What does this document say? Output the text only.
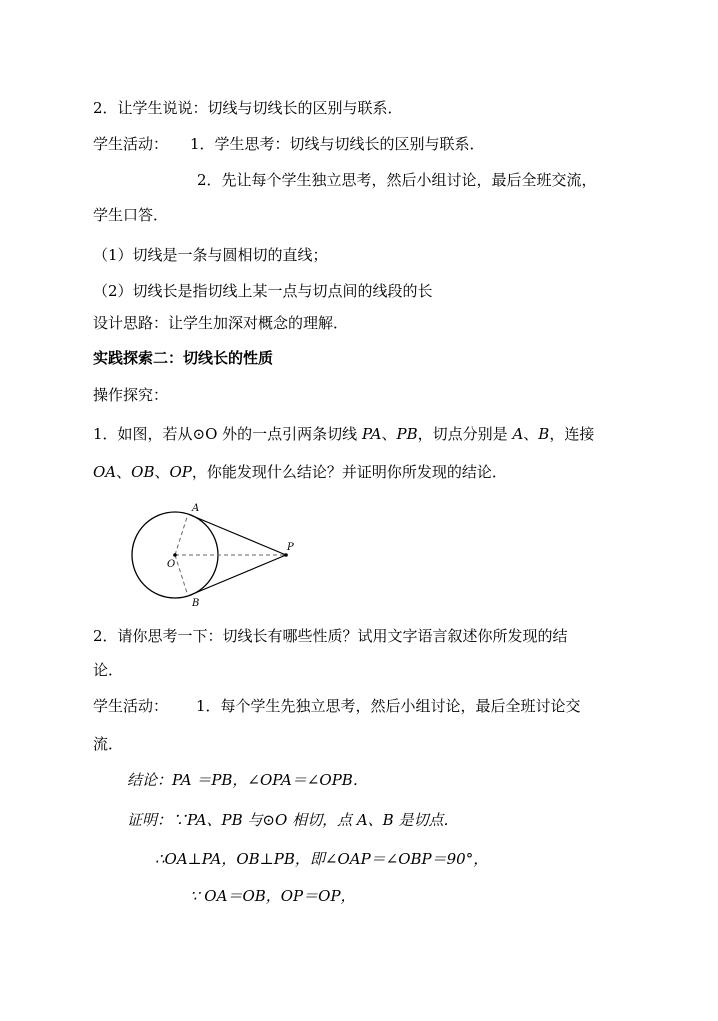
2．让学生说说：切线与切线长的区别与联系．
学生活动： 1．学生思考：切线与切线长的区别与联系．
2．先让每个学生独立思考，然后小组讨论，最后全班交流，
学生口答．
（1）切线是一条与圆相切的直线；
（2）切线长是指切线上某一点与切点间的线段的长
设计思路：让学生加深对概念的理解．
实践探索二：切线长的性质
操作探究：
1．如图，若从⊙O 外的一点引两条切线 PA、PB，切点分别是 A、B，连接
OA、OB、OP，你能发现什么结论？并证明你所发现的结论．
A
B
O
P
2．请你思考一下：切线长有哪些性质？试用文字语言叙述你所发现的结
论．
学生活动： 1．每个学生先独立思考，然后小组讨论，最后全班讨论交
流．
结论：PA ＝PB，∠OPA＝∠OPB．
证明：∵PA、PB 与⊙O 相切，点 A、B 是切点．
∴OA⊥PA，OB⊥PB，即∠OAP＝∠OBP＝90°，
∵ OA＝OB，OP＝OP，
